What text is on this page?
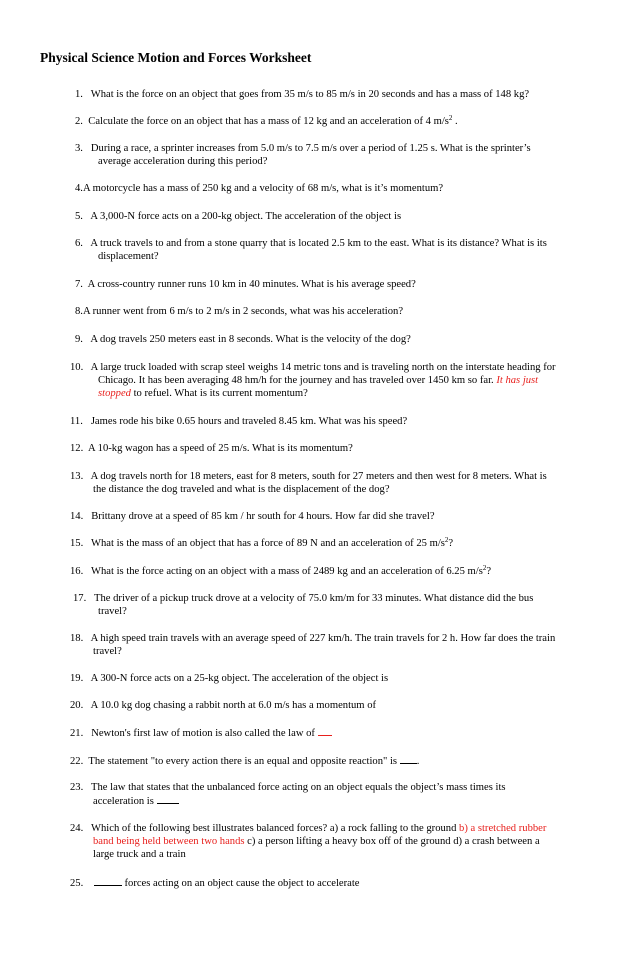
Physical Science Motion and Forces Worksheet
1. What is the force on an object that goes from 35 m/s to 85 m/s in 20 seconds and has a mass of 148 kg?
2. Calculate the force on an object that has a mass of 12 kg and an acceleration of 4 $m/s^2$ .
3. During a race, a sprinter increases from 5.0 m/s to 7.5 m/s over a period of 1.25 s. What is the sprinter’s
average acceleration during this period?
4.A motorcycle has a mass of 250 kg and a velocity of 68 m/s, what is it’s momentum?
5. A 3,000-N force acts on a 200-kg object. The acceleration of the object is
6. A truck travels to and from a stone quarry that is located 2.5 km to the east. What is its distance? What is its
displacement?
7. A cross-country runner runs 10 km in 40 minutes. What is his average speed?
8.A runner went from 6 m/s to 2 m/s in 2 seconds, what was his acceleration?
9. A dog travels 250 meters east in 8 seconds. What is the velocity of the dog?
10. A large truck loaded with scrap steel weighs 14 metric tons and is traveling north on the interstate heading for
Chicago. It has been averaging 48 hm/h for the journey and has traveled over 1450 km so far. It has just
stopped to refuel. What is its current momentum?
11. James rode his bike 0.65 hours and traveled 8.45 km. What was his speed?
12. A 10-kg wagon has a speed of 25 m/s. What is its momentum?
13. A dog travels north for 18 meters, east for 8 meters, south for 27 meters and then west for 8 meters. What is
the distance the dog traveled and what is the displacement of the dog?
14. Brittany drove at a speed of 85 km / hr south for 4 hours. How far did she travel?
15. What is the mass of an object that has a force of 89 N and an acceleration of 25 $m/s^2$?
16. What is the force acting on an object with a mass of 2489 kg and an acceleration of 6.25 $m/s^2$?
17. The driver of a pickup truck drove at a velocity of 75.0 km/m for 33 minutes. What distance did the bus
travel?
18. A high speed train travels with an average speed of 227 km/h. The train travels for 2 h. How far does the train
travel?
19. A 300-N force acts on a 25-kg object. The acceleration of the object is
20. A 10.0 kg dog chasing a rabbit north at 6.0 m/s has a momentum of
21. Newton's first law of motion is also called the law of
22. The statement "to every action there is an equal and opposite reaction" is .
23. The law that states that the unbalanced force acting on an object equals the object’s mass times its
acceleration is
24. Which of the following best illustrates balanced forces? a) a rock falling to the ground b) a stretched rubber
band being held between two hands c) a person lifting a heavy box off of the ground d) a crash between a
large truck and a train
25.	forces acting on an object cause the object to accelerate
